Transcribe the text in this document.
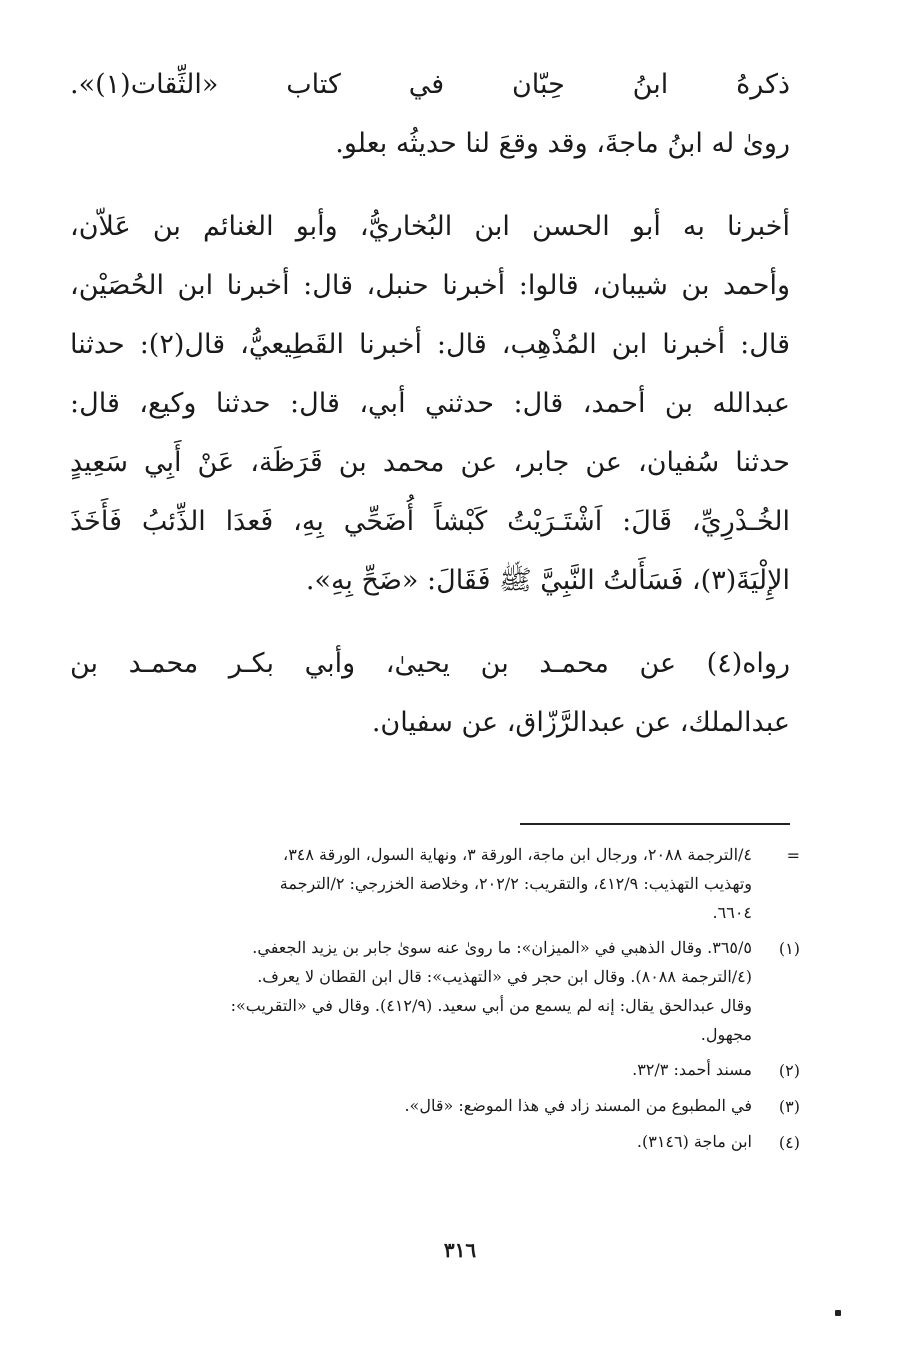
ذكرهُ ابنُ حِبّان في كتاب «الثِّقات(١)».
روىٰ له ابنُ ماجةَ، وقد وقعَ لنا حديثُه بعلو.
أخبرنا به أبو الحسن ابن البُخاريُّ، وأبو الغنائم بن عَلاّن،
وأحمد بن شيبان، قالوا: أخبرنا حنبل، قال: أخبرنا ابن الحُصَيْن،
قال: أخبرنا ابن المُذْهِب، قال: أخبرنا القَطِيعيُّ، قال(٢): حدثنا
عبدالله بن أحمد، قال: حدثني أبي، قال: حدثنا وكيع، قال:
حدثنا سُفيان، عن جابر، عن محمد بن قَرَظَة، عَنْ أَبِي سَعِيدٍ
الخُـدْرِيِّ، قَالَ: اَشْتَـرَيْتُ كَبْشاً أُضَحِّي بِهِ، فَعدَا الذِّئبُ فَأَخَذَ
الإِلْيَةَ(٣)، فَسَأَلتُ النَّبِيَّ ﷺ فَقَالَ: «ضَحِّ بِهِ».
رواه(٤) عن محمـد بن يحيىٰ، وأبي بكـر محمـد بن
عبدالملك، عن عبدالرَّزّاق، عن سفيان.
=
٤/الترجمة ٢٠٨٨، ورجال ابن ماجة، الورقة ٣، ونهاية السول، الورقة ٣٤٨،
وتهذيب التهذيب: ٤١٢/٩، والتقريب: ٢٠٢/٢، وخلاصة الخزرجي: ٢/الترجمة
٦٦٠٤.
(١)
٣٦٥/٥. وقال الذهبي في «الميزان»: ما روىٰ عنه سوىٰ جابر بن يزيد الجعفي.
(٤/الترجمة ٨٠٨٨). وقال ابن حجر في «التهذيب»: قال ابن القطان لا يعرف.
وقال عبدالحق يقال: إنه لم يسمع من أبي سعيد. (٤١٢/٩). وقال في «التقريب»:
مجهول.
(٢)
مسند أحمد: ٣٢/٣.
(٣)
في المطبوع من المسند زاد في هذا الموضع: «قال».
(٤)
ابن ماجة (٣١٤٦).
٣١٦
